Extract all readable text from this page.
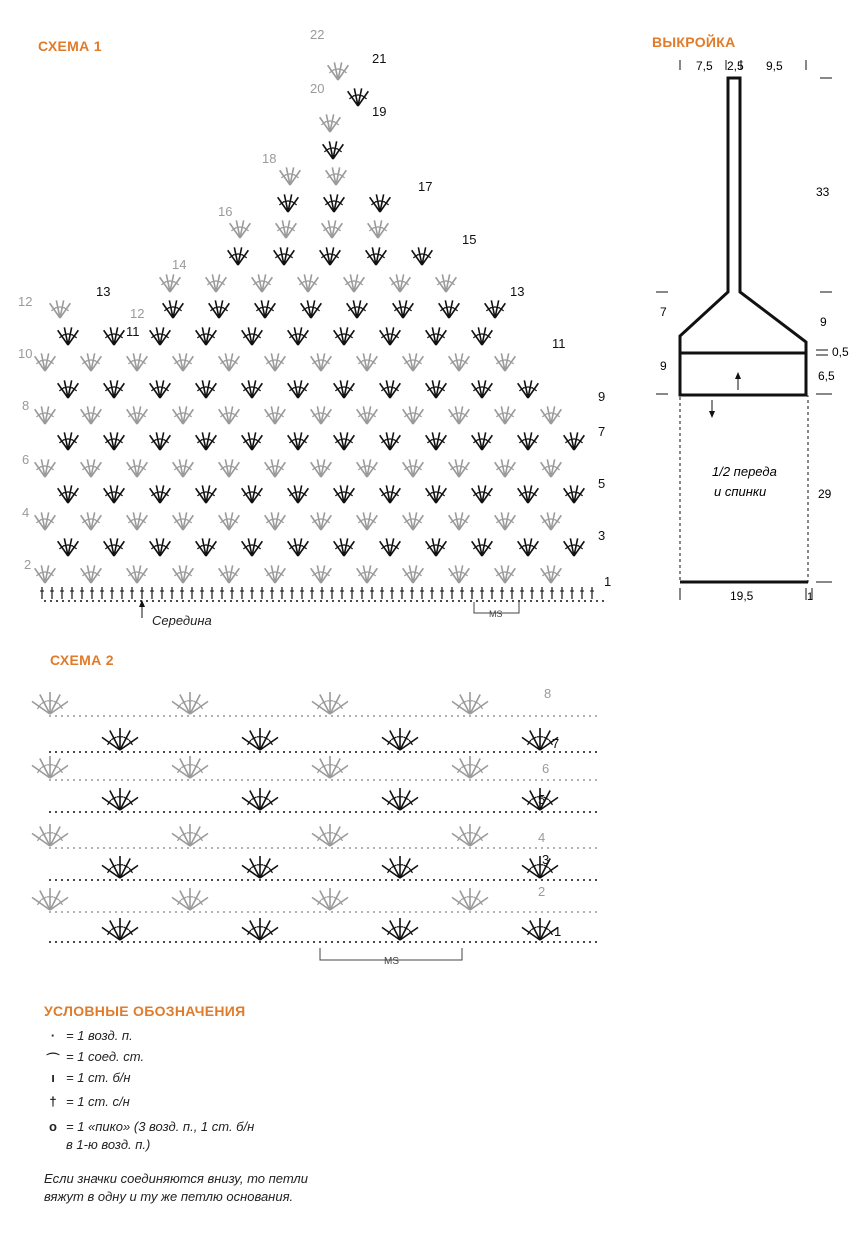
СХЕМА 1
22
21
20
19
18
17
16
15
14
13
13
12
12
11
11
10
9
8
7
6
5
4
3
2
1
Середина	MS
ВЫКРОЙКА
7,5 2,5 9,5
33
9
0,5
6,5
29
7
9
19,5	1
1/2 переда
и спинки
СХЕМА 2
8
7
6
5
4
3
2
1
MS
УСЛОВНЫЕ ОБОЗНАЧЕНИЯ
· = 1 возд. п.
⌒ = 1 соед. ст.
ı = 1 ст. б/н
† = 1 ст. с/н
o = 1 «пико» (3 возд. п., 1 ст. б/н
в 1-ю возд. п.)
Если значки соединяются внизу, то петли вяжут в одну и ту же петлю основания.
